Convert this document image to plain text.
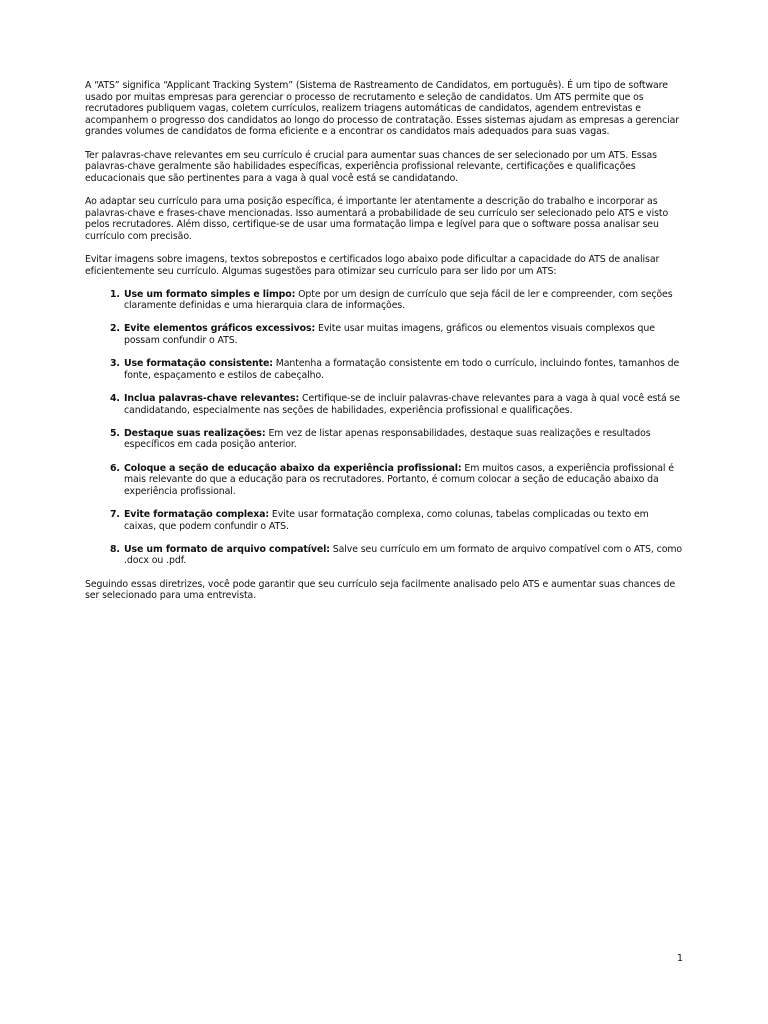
A “ATS” significa “Applicant Tracking System” (Sistema de Rastreamento de Candidatos, em português). É um tipo de software usado por muitas empresas para gerenciar o processo de recrutamento e seleção de candidatos. Um ATS permite que os recrutadores publiquem vagas, coletem currículos, realizem triagens automáticas de candidatos, agendem entrevistas e acompanhem o progresso dos candidatos ao longo do processo de contratação. Esses sistemas ajudam as empresas a gerenciar grandes volumes de candidatos de forma eficiente e a encontrar os candidatos mais adequados para suas vagas.

Ter palavras-chave relevantes em seu currículo é crucial para aumentar suas chances de ser selecionado por um ATS. Essas palavras-chave geralmente são habilidades específicas, experiência profissional relevante, certificações e qualificações educacionais que são pertinentes para a vaga à qual você está se candidatando.

Ao adaptar seu currículo para uma posição específica, é importante ler atentamente a descrição do trabalho e incorporar as palavras-chave e frases-chave mencionadas. Isso aumentará a probabilidade de seu currículo ser selecionado pelo ATS e visto pelos recrutadores. Além disso, certifique-se de usar uma formatação limpa e legível para que o software possa analisar seu currículo com precisão.

Evitar imagens sobre imagens, textos sobrepostos e certificados logo abaixo pode dificultar a capacidade do ATS de analisar eficientemente seu currículo. Algumas sugestões para otimizar seu currículo para ser lido por um ATS:

1. Use um formato simples e limpo: Opte por um design de currículo que seja fácil de ler e compreender, com seções claramente definidas e uma hierarquia clara de informações.
2. Evite elementos gráficos excessivos: Evite usar muitas imagens, gráficos ou elementos visuais complexos que possam confundir o ATS.
3. Use formatação consistente: Mantenha a formatação consistente em todo o currículo, incluindo fontes, tamanhos de fonte, espaçamento e estilos de cabeçalho.
4. Inclua palavras-chave relevantes: Certifique-se de incluir palavras-chave relevantes para a vaga à qual você está se candidatando, especialmente nas seções de habilidades, experiência profissional e qualificações.
5. Destaque suas realizações: Em vez de listar apenas responsabilidades, destaque suas realizações e resultados específicos em cada posição anterior.
6. Coloque a seção de educação abaixo da experiência profissional: Em muitos casos, a experiência profissional é mais relevante do que a educação para os recrutadores. Portanto, é comum colocar a seção de educação abaixo da experiência profissional.
7. Evite formatação complexa: Evite usar formatação complexa, como colunas, tabelas complicadas ou texto em caixas, que podem confundir o ATS.
8. Use um formato de arquivo compatível: Salve seu currículo em um formato de arquivo compatível com o ATS, como .docx ou .pdf.

Seguindo essas diretrizes, você pode garantir que seu currículo seja facilmente analisado pelo ATS e aumentar suas chances de ser selecionado para uma entrevista.

1
